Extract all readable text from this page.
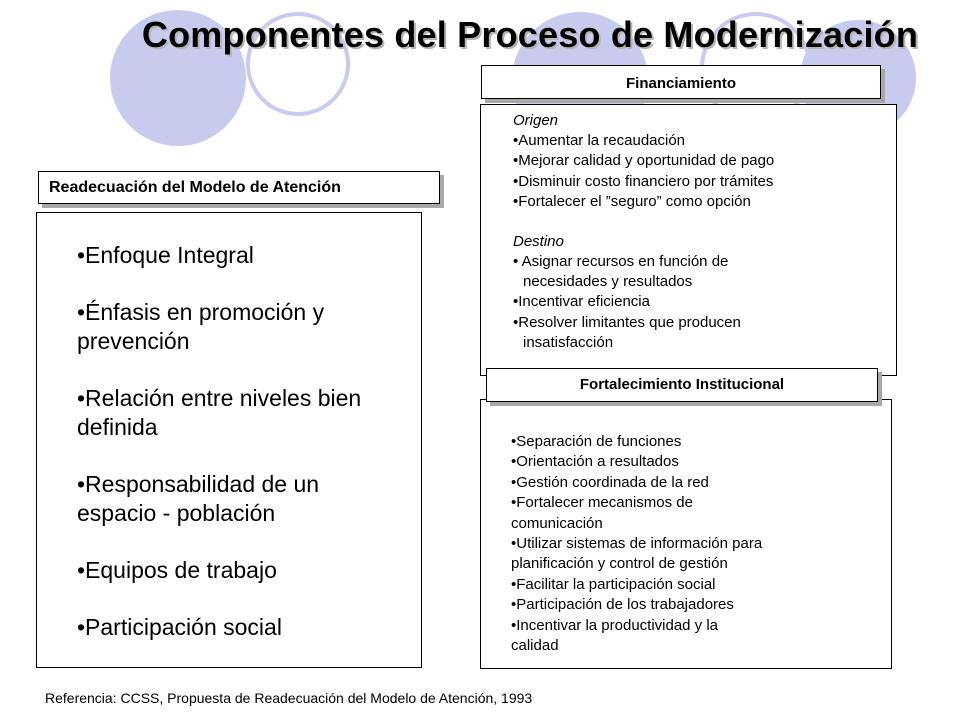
Componentes del Proceso de Modernización
•Enfoque Integral
•Énfasis en promoción y prevención
•Relación entre niveles bien definida
•Responsabilidad de un espacio - población
•Equipos de trabajo
•Participación social
Readecuación del Modelo de Atención
Origen
•Aumentar la recaudación
•Mejorar calidad y oportunidad de pago
•Disminuir costo financiero por trámites
•Fortalecer el ”seguro” como opción
Destino
• Asignar recursos en función de
necesidades y resultados
•Incentivar eficiencia
•Resolver limitantes que producen
insatisfacción
Financiamiento
•Separación de funciones
•Orientación a resultados
•Gestión coordinada de la red
•Fortalecer mecanismos de
comunicación
•Utilizar sistemas de información para
planificación y control de gestión
•Facilitar la participación social
•Participación de los trabajadores
•Incentivar la productividad y la
calidad
Fortalecimiento Institucional
Referencia: CCSS, Propuesta de Readecuación del Modelo de Atención, 1993
